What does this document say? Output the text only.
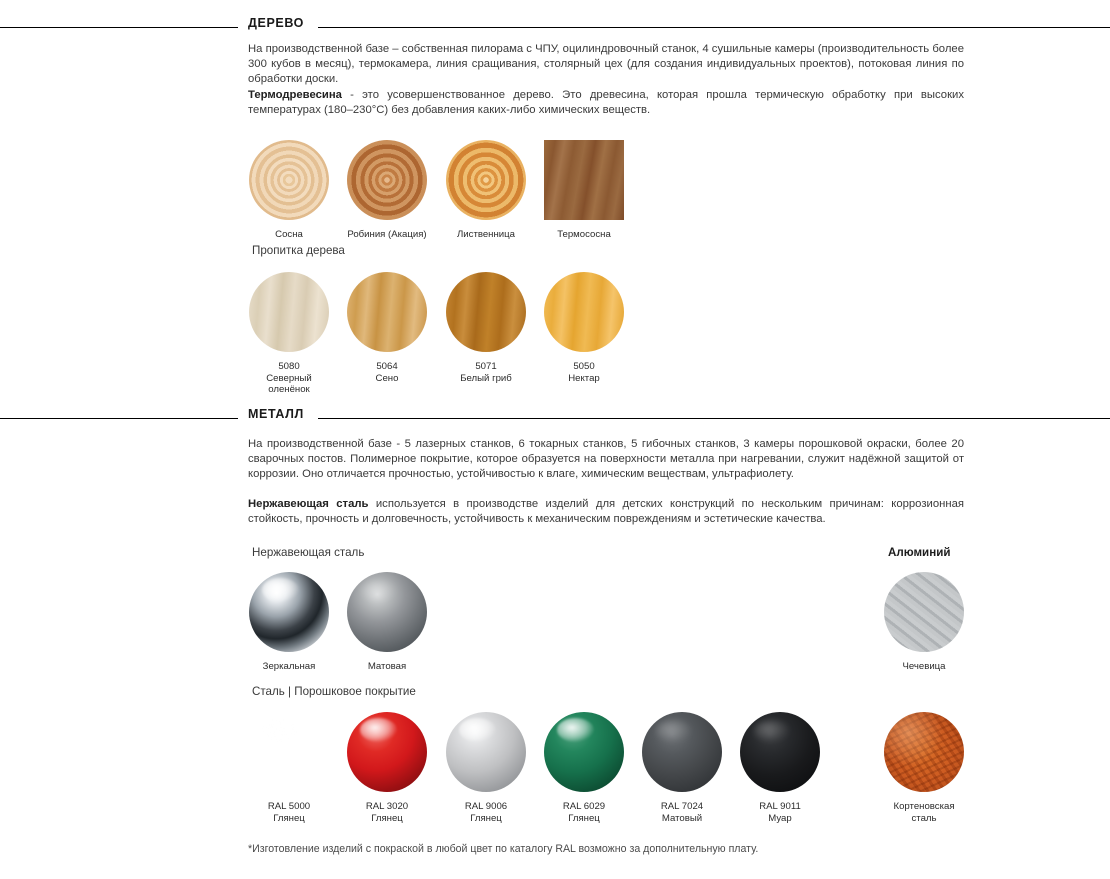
ДЕРЕВО
На производственной базе – собственная пилорама с ЧПУ, оцилиндровочный станок, 4 сушильные камеры (производительность более 300 кубов в месяц), термокамера, линия сращивания, столярный цех (для создания индивидуальных проектов), потоковая линия по обработки доски.
Термодревесина - это усовершенствованное дерево. Это древесина, которая прошла термическую обработку при высоких температурах (180–230°C) без добавления каких-либо химических веществ.
Сосна	Робиния (Акация)	Лиственница	Термососна
Пропитка дерева
5080
Северный
оленёнок
5064
Сено
5071
Белый гриб
5050
Нектар
МЕТАЛЛ
На производственной базе - 5 лазерных станков, 6 токарных станков, 5 гибочных станков, 3 камеры порошковой окраски, более 20 сварочных постов. Полимерное покрытие, которое образуется на поверхности металла при нагревании, служит надёжной защитой от коррозии. Оно отличается прочностью, устойчивостью к влаге, химическим веществам, ультрафиолету.
Нержавеющая сталь используется в производстве изделий для детских конструкций по нескольким причинам: коррозионная стойкость, прочность и долговечность, устойчивость к механическим повреждениям и эстетические качества.
Нержавеющая сталь	Алюминий
Зеркальная	Матовая	Чечевица
Сталь | Порошковое покрытие
RAL 5000
Глянец
RAL 3020
Глянец
RAL 9006
Глянец
RAL 6029
Глянец
RAL 7024
Матовый
RAL 9011
Муар
Кортеновская
сталь
*Изготовление изделий с покраской в любой цвет по каталогу RAL возможно за дополнительную плату.
